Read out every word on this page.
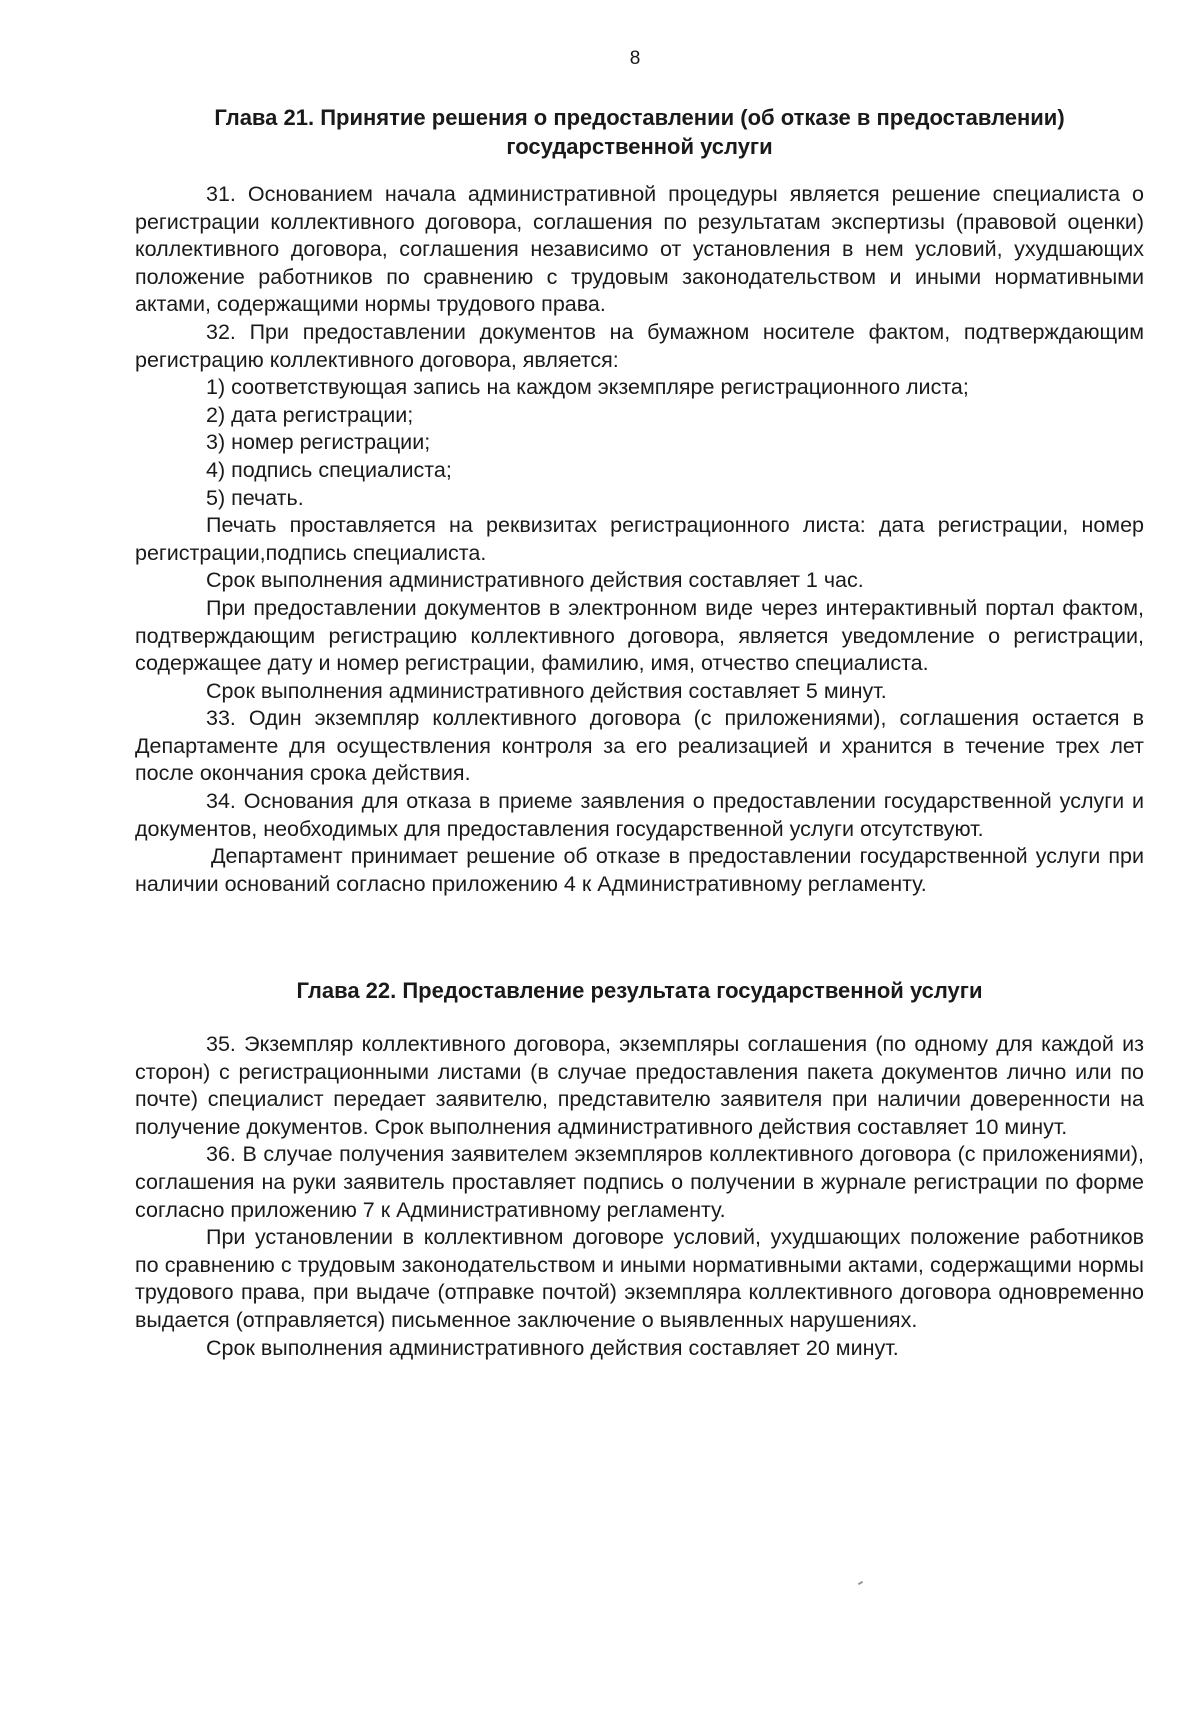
8

Глава 21. Принятие решения о предоставлении (об отказе в предоставлении)

государственной услуги

31. Основанием начала административной процедуры является решение специалиста о регистрации коллективного договора, соглашения по результатам экспертизы (правовой оценки) коллективного договора, соглашения независимо от установления в нем условий, ухудшающих положение работников по сравнению с трудовым законодательством и иными нормативными актами, содержащими нормы трудового права.

32. При предоставлении документов на бумажном носителе фактом, подтверждающим регистрацию коллективного договора, является:

1) соответствующая запись на каждом экземпляре регистрационного листа;

2) дата регистрации;

3) номер регистрации;

4) подпись специалиста;

5) печать.

Печать проставляется на реквизитах регистрационного листа: дата регистрации, номер регистрации,подпись специалиста.

Срок выполнения административного действия составляет 1 час.

При предоставлении документов в электронном виде через интерактивный портал фактом, подтверждающим регистрацию коллективного договора, является уведомление о регистрации, содержащее дату и номер регистрации, фамилию, имя, отчество специалиста.

Срок выполнения административного действия составляет 5 минут.

33. Один экземпляр коллективного договора (с приложениями), соглашения остается в Департаменте для осуществления контроля за его реализацией и хранится в течение трех лет после окончания срока действия.

34. Основания для отказа в приеме заявления о предоставлении государственной услуги и документов, необходимых для предоставления государственной услуги отсутствуют.

Департамент принимает решение об отказе в предоставлении государственной услуги при наличии оснований согласно приложению 4 к Административному регламенту.

Глава 22. Предоставление результата государственной услуги

35. Экземпляр коллективного договора, экземпляры соглашения (по одному для каждой из сторон) с регистрационными листами (в случае предоставления пакета документов лично или по почте) специалист передает заявителю, представителю заявителя при наличии доверенности на получение документов. Срок выполнения административного действия составляет 10 минут.

36. В случае получения заявителем экземпляров коллективного договора (с приложениями), соглашения на руки заявитель проставляет подпись о получении в журнале регистрации по форме согласно приложению 7 к Административному регламенту.

При установлении в коллективном договоре условий, ухудшающих положение работников по сравнению с трудовым законодательством и иными нормативными актами, содержащими нормы трудового права, при выдаче (отправке почтой) экземпляра коллективного договора одновременно выдается (отправляется) письменное заключение о выявленных нарушениях.

Срок выполнения административного действия составляет 20 минут.
